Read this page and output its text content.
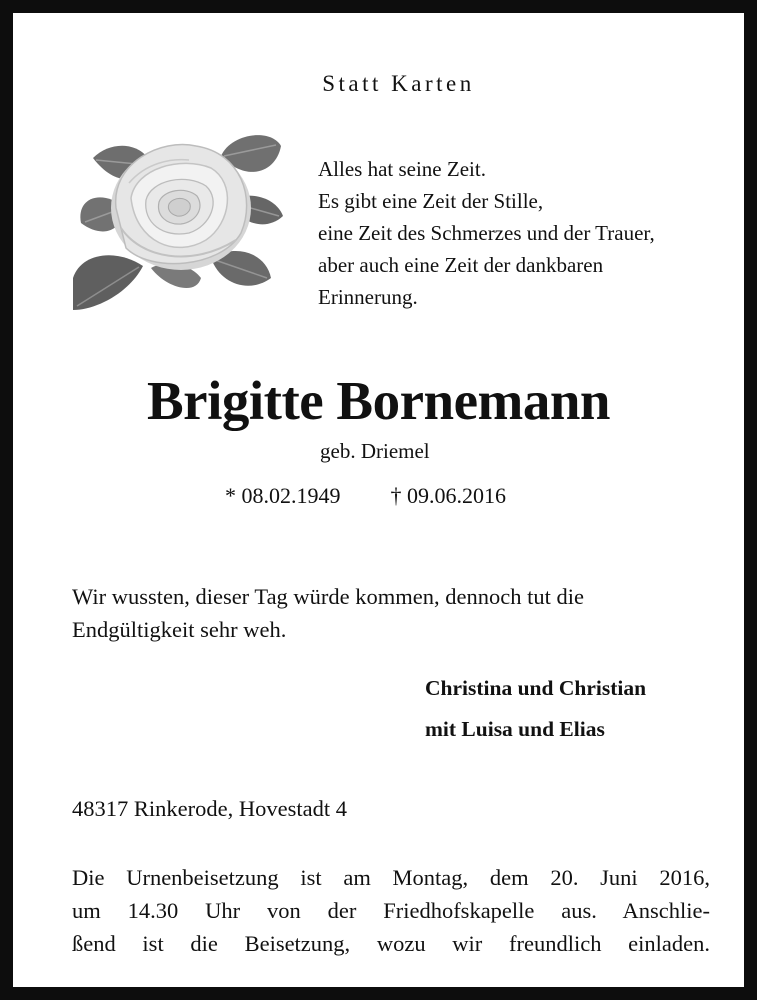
Statt Karten
Alles hat seine Zeit.
Es gibt eine Zeit der Stille,
eine Zeit des Schmerzes und der Trauer,
aber auch eine Zeit der dankbaren
Erinnerung.
Brigitte Bornemann
geb. Driemel
* 08.02.1949 † 09.06.2016
Wir wussten, dieser Tag würde kommen, dennoch tut die
Endgültigkeit sehr weh.
Christina und Christian
mit Luisa und Elias
48317 Rinkerode, Hovestadt 4
Die Urnenbeisetzung ist am Montag, dem 20. Juni 2016,
um 14.30 Uhr von der Friedhofskapelle aus. Anschlie-
ßend ist die Beisetzung, wozu wir freundlich einladen.
